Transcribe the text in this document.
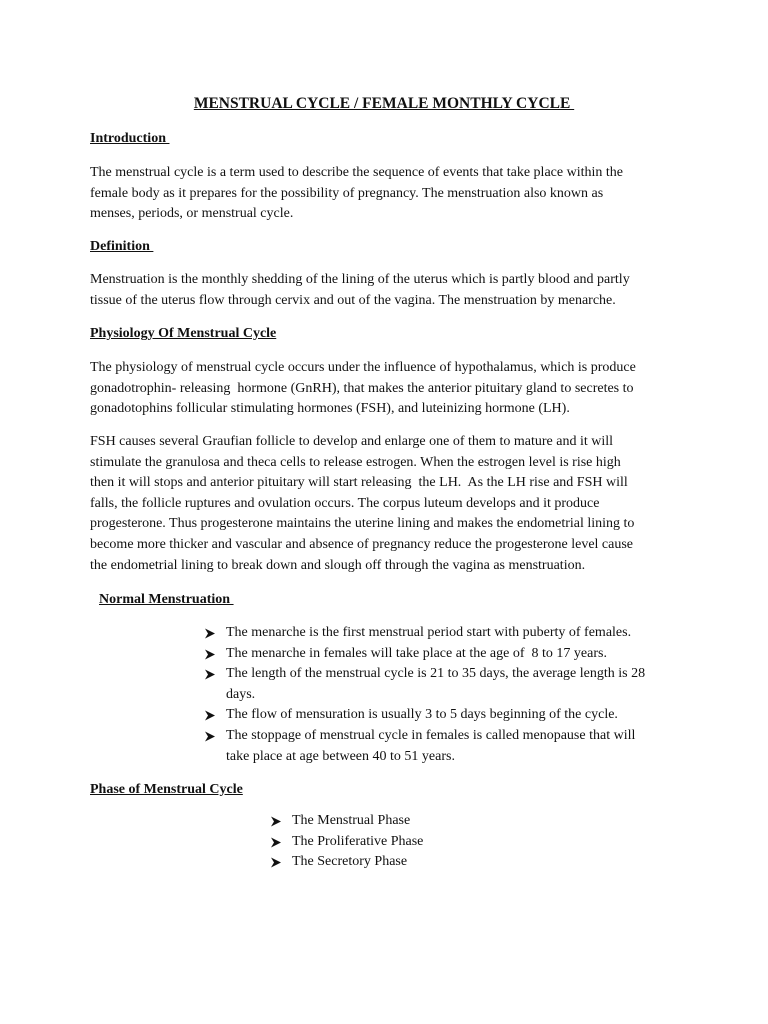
MENSTRUAL CYCLE / FEMALE MONTHLY CYCLE
Introduction

The menstrual cycle is a term used to describe the sequence of events that take place within the
female body as it prepares for the possibility of pregnancy. The menstruation also known as
menses, periods, or menstrual cycle.

Definition

Menstruation is the monthly shedding of the lining of the uterus which is partly blood and partly
tissue of the uterus flow through cervix and out of the vagina. The menstruation by menarche.

Physiology Of Menstrual Cycle

The physiology of menstrual cycle occurs under the influence of hypothalamus, which is produce
gonadotrophin- releasing  hormone (GnRH), that makes the anterior pituitary gland to secretes to
gonadotophins follicular stimulating hormones (FSH), and luteinizing hormone (LH).

FSH causes several Graufian follicle to develop and enlarge one of them to mature and it will
stimulate the granulosa and theca cells to release estrogen. When the estrogen level is rise high
then it will stops and anterior pituitary will start releasing  the LH.  As the LH rise and FSH will
falls, the follicle ruptures and ovulation occurs. The corpus luteum develops and it produce
progesterone. Thus progesterone maintains the uterine lining and makes the endometrial lining to
become more thicker and vascular and absence of pregnancy reduce the progesterone level cause
the endometrial lining to break down and slough off through the vagina as menstruation.

Normal Menstruation
The menarche is the first menstrual period start with puberty of females.
The menarche in females will take place at the age of  8 to 17 years.
The length of the menstrual cycle is 21 to 35 days, the average length is 28
days.
The flow of mensuration is usually 3 to 5 days beginning of the cycle.
The stoppage of menstrual cycle in females is called menopause that will
take place at age between 40 to 51 years.
Phase of Menstrual Cycle
The Menstrual Phase
The Proliferative Phase
The Secretory Phase
